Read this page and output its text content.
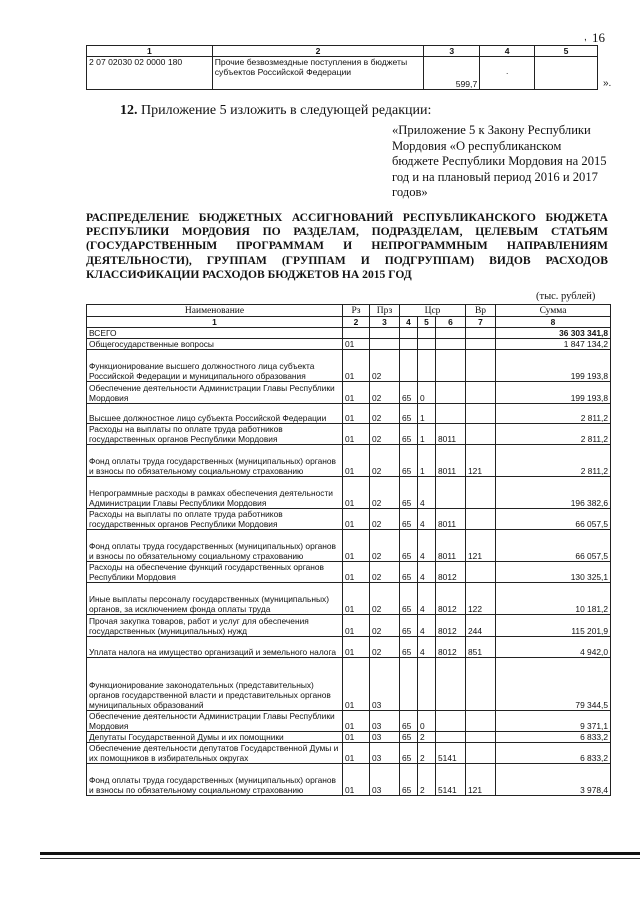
, 16
1	2	3	4	5
2 07 02030 02 0000 180	Прочие безвозмездные поступления в бюджеты субъектов Российской Федерации	599,7	·	
».
12. Приложение 5 изложить в следующей редакции:
«Приложение 5 к Закону Республики Мордовия «О республиканском бюджете Республики Мордовия на 2015 год и на плановый период 2016 и 2017 годов»
РАСПРЕДЕЛЕНИЕ БЮДЖЕТНЫХ АССИГНОВАНИЙ РЕСПУБЛИКАНСКОГО БЮДЖЕТА РЕСПУБЛИКИ МОРДОВИЯ ПО РАЗДЕЛАМ, ПОДРАЗДЕЛАМ, ЦЕЛЕВЫМ СТАТЬЯМ (ГОСУДАРСТВЕННЫМ ПРОГРАММАМ И НЕПРОГРАММНЫМ НАПРАВЛЕНИЯМ ДЕЯТЕЛЬНОСТИ), ГРУППАМ (ГРУППАМ И ПОДГРУППАМ) ВИДОВ РАСХОДОВ КЛАССИФИКАЦИИ РАСХОДОВ БЮДЖЕТОВ НА 2015 ГОД
(тыс. рублей)
Наименование	Рз	Прз	Цср			Вр	Сумма
1	2	3	4	5	6	7	8
ВСЕГО							36 303 341,8
Общегосударственные вопросы	01						1 847 134,2
Функционирование высшего должностного лица субъекта Российской Федерации и муниципального образования	01	02					199 193,8
Обеспечение деятельности Администрации Главы Республики Мордовия	01	02	65	0			199 193,8
Высшее должностное лицо субъекта Российской Федерации	01	02	65	1			2 811,2
Расходы на выплаты по оплате труда работников государственных органов Республики Мордовия	01	02	65	1	8011		2 811,2
Фонд оплаты труда государственных (муниципальных) органов и взносы по обязательному социальному страхованию	01	02	65	1	8011	121	2 811,2
Непрограммные расходы в рамках обеспечения деятельности Администрации Главы Республики Мордовия	01	02	65	4			196 382,6
Расходы на выплаты по оплате труда работников государственных органов Республики Мордовия	01	02	65	4	8011		66 057,5
Фонд оплаты труда государственных (муниципальных) органов и взносы по обязательному социальному страхованию	01	02	65	4	8011	121	66 057,5
Расходы на обеспечение функций государственных органов Республики Мордовия	01	02	65	4	8012		130 325,1
Иные выплаты персоналу государственных (муниципальных) органов, за исключением фонда оплаты труда	01	02	65	4	8012	122	10 181,2
Прочая закупка товаров, работ и услуг для обеспечения государственных (муниципальных) нужд	01	02	65	4	8012	244	115 201,9
Уплата налога на имущество организаций и земельного налога	01	02	65	4	8012	851	4 942,0
Функционирование законодательных (представительных) органов государственной власти и представительных органов муниципальных образований	01	03					79 344,5
Обеспечение деятельности Администрации Главы Республики Мордовия	01	03	65	0			9 371,1
Депутаты Государственной Думы и их помощники	01	03	65	2			6 833,2
Обеспечение деятельности депутатов Государственной Думы и их помощников в избирательных округах	01	03	65	2	5141		6 833,2
Фонд оплаты труда государственных (муниципальных) органов и взносы по обязательному социальному страхованию	01	03	65	2	5141	121	3 978,4
